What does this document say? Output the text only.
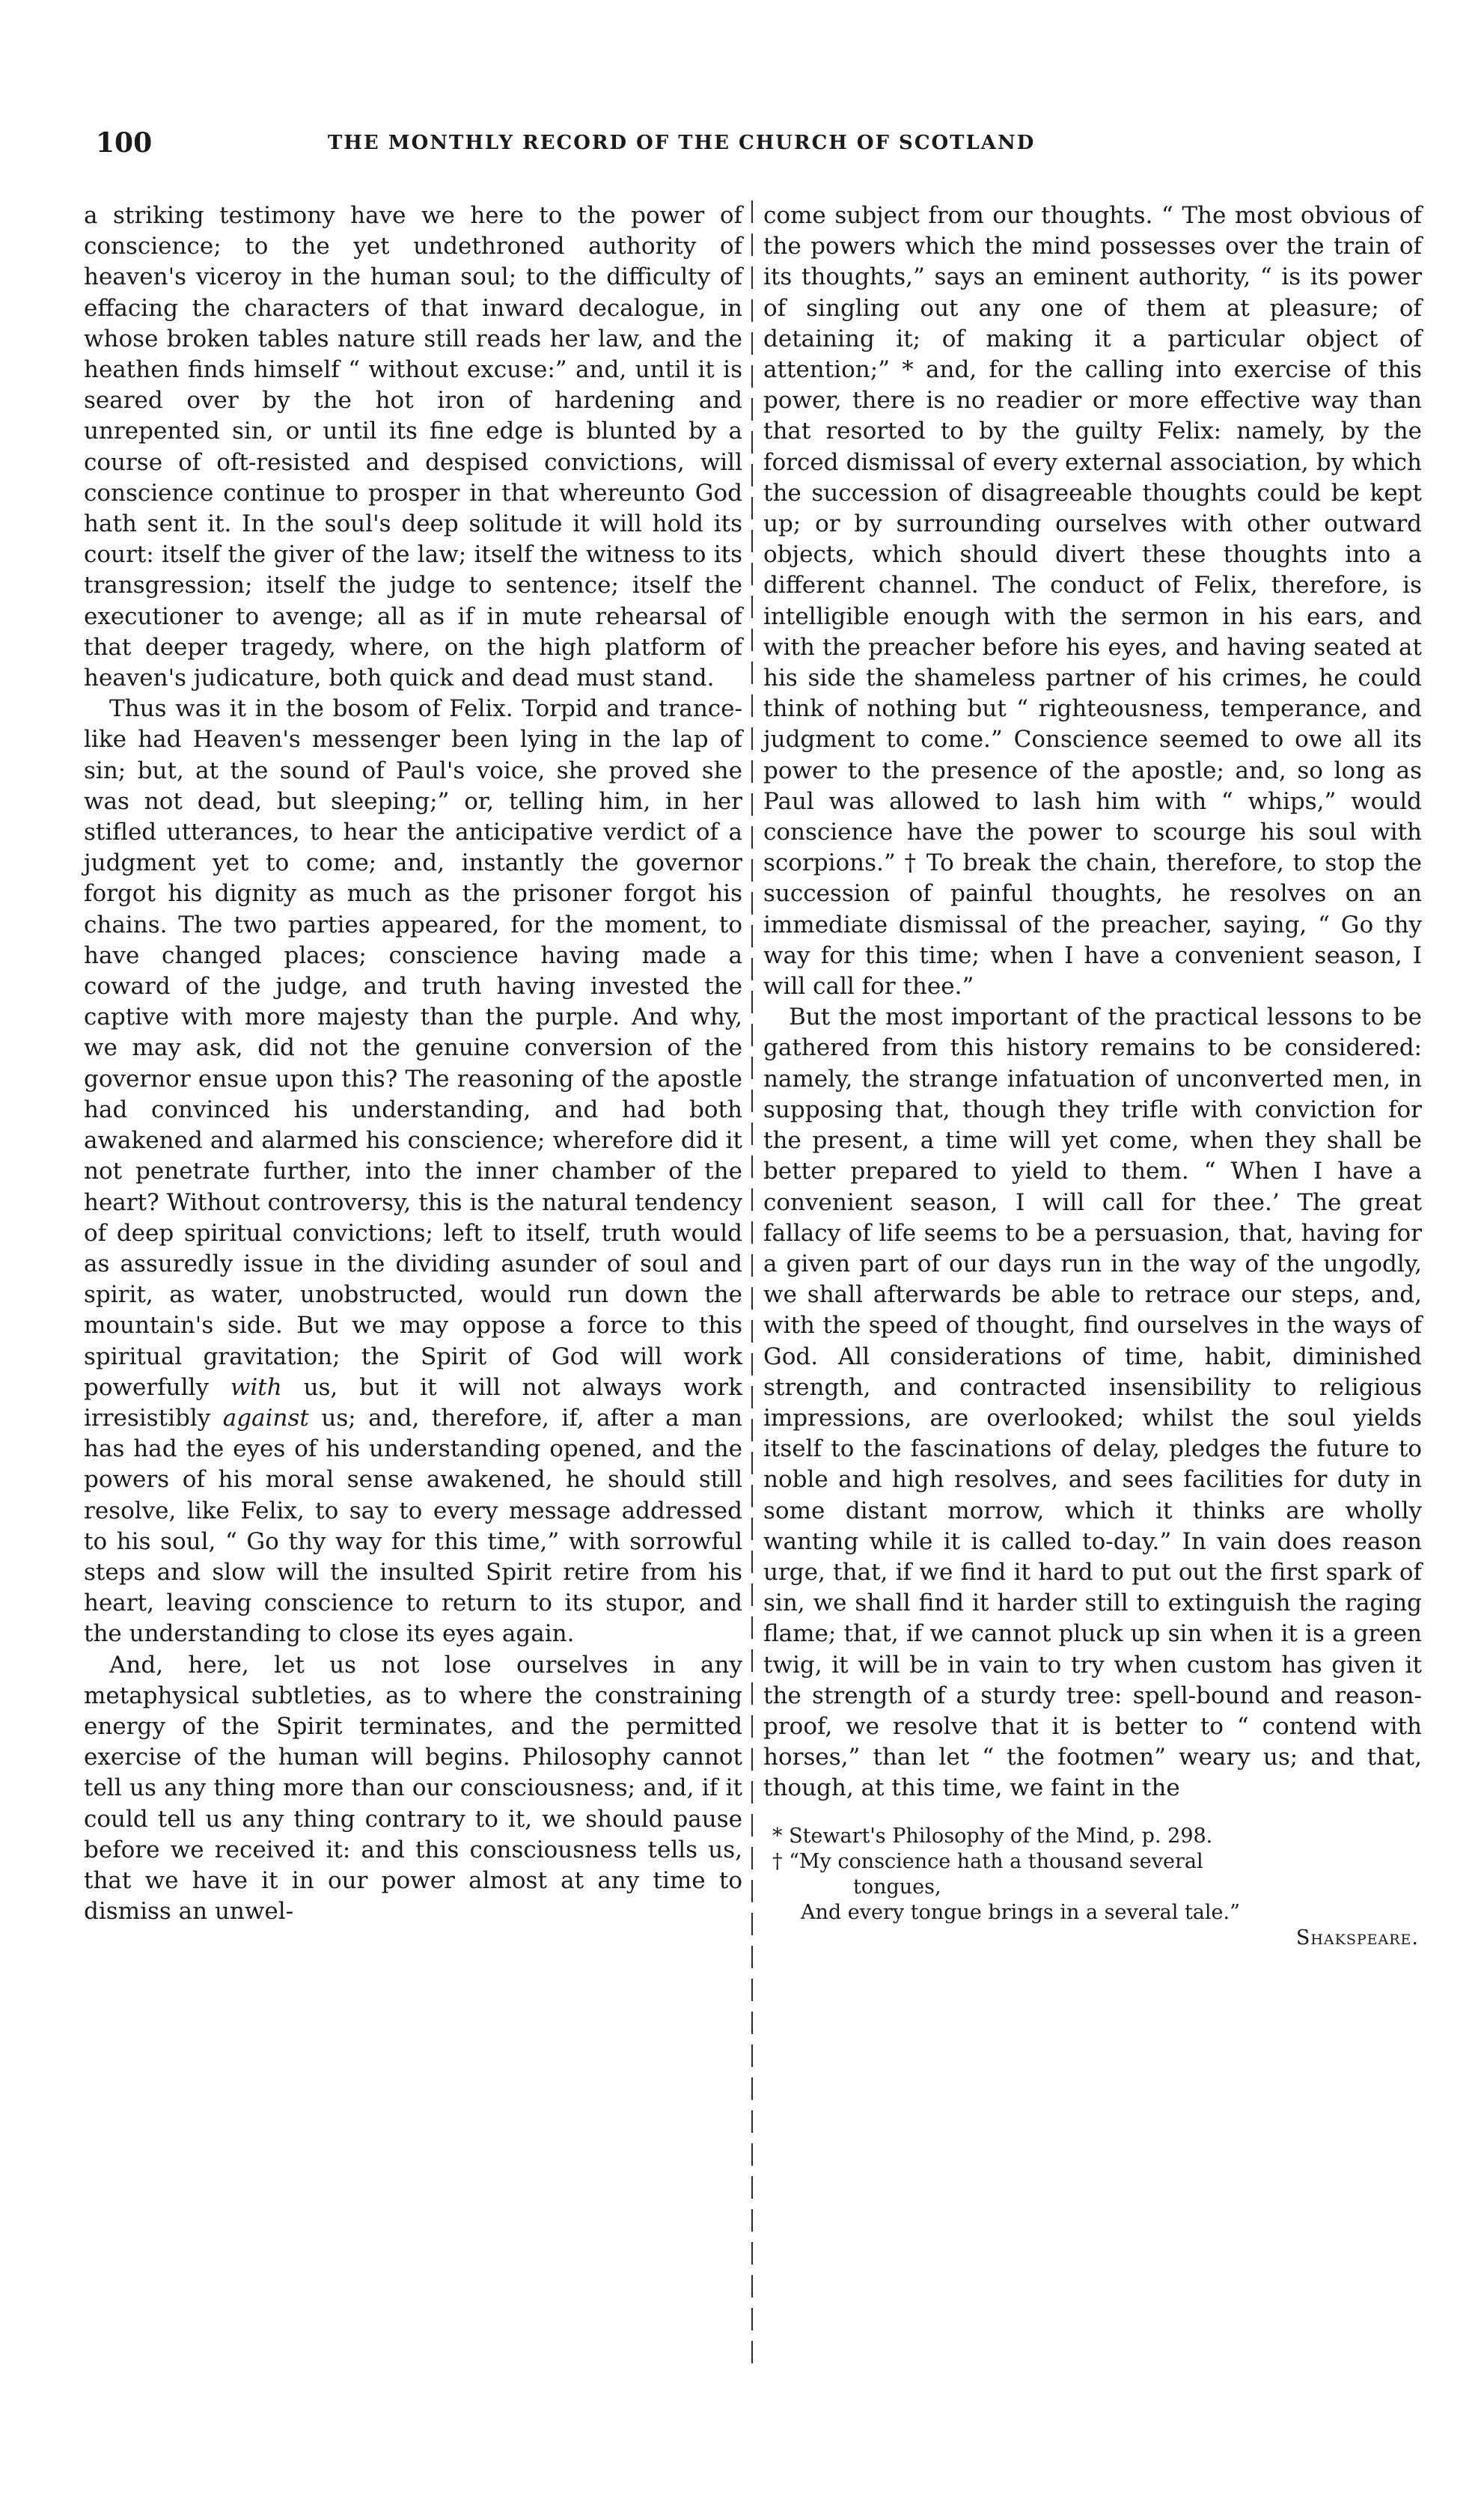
100	THE MONTHLY RECORD OF THE CHURCH OF SCOTLAND

a striking testimony have we here to the power of conscience; to the yet undethroned authority of heaven's viceroy in the human soul; to the difficulty of effacing the characters of that inward decalogue, in whose broken tables nature still reads her law, and the heathen finds himself “ without excuse:” and, until it is seared over by the hot iron of hardening and unrepented sin, or until its fine edge is blunted by a course of oft-resisted and despised convictions, will conscience continue to prosper in that whereunto God hath sent it. In the soul's deep solitude it will hold its court: itself the giver of the law; itself the witness to its transgression; itself the judge to sentence; itself the executioner to avenge; all as if in mute rehearsal of that deeper tragedy, where, on the high platform of heaven's judicature, both quick and dead must stand.

Thus was it in the bosom of Felix. Torpid and trance-like had Heaven's messenger been lying in the lap of sin; but, at the sound of Paul's voice, she proved she was not dead, but sleeping;” or, telling him, in her stifled utterances, to hear the anticipative verdict of a judgment yet to come; and, instantly the governor forgot his dignity as much as the prisoner forgot his chains. The two parties appeared, for the moment, to have changed places; conscience having made a coward of the judge, and truth having invested the captive with more majesty than the purple. And why, we may ask, did not the genuine conversion of the governor ensue upon this? The reasoning of the apostle had convinced his understanding, and had both awakened and alarmed his conscience; wherefore did it not penetrate further, into the inner chamber of the heart? Without controversy, this is the natural tendency of deep spiritual convictions; left to itself, truth would as assuredly issue in the dividing asunder of soul and spirit, as water, unobstructed, would run down the mountain's side. But we may oppose a force to this spiritual gravitation; the Spirit of God will work powerfully with us, but it will not always work irresistibly against us; and, therefore, if, after a man has had the eyes of his understanding opened, and the powers of his moral sense awakened, he should still resolve, like Felix, to say to every message addressed to his soul, “ Go thy way for this time,” with sorrowful steps and slow will the insulted Spirit retire from his heart, leaving conscience to return to its stupor, and the understanding to close its eyes again.

And, here, let us not lose ourselves in any metaphysical subtleties, as to where the constraining energy of the Spirit terminates, and the permitted exercise of the human will begins. Philosophy cannot tell us any thing more than our consciousness; and, if it could tell us any thing contrary to it, we should pause before we received it: and this consciousness tells us, that we have it in our power almost at any time to dismiss an unwel-

come subject from our thoughts. “ The most obvious of the powers which the mind possesses over the train of its thoughts,” says an eminent authority, “ is its power of singling out any one of them at pleasure; of detaining it; of making it a particular object of attention;” * and, for the calling into exercise of this power, there is no readier or more effective way than that resorted to by the guilty Felix: namely, by the forced dismissal of every external association, by which the succession of disagreeable thoughts could be kept up; or by surrounding ourselves with other outward objects, which should divert these thoughts into a different channel. The conduct of Felix, therefore, is intelligible enough with the sermon in his ears, and with the preacher before his eyes, and having seated at his side the shameless partner of his crimes, he could think of nothing but “ righteousness, temperance, and judgment to come.” Conscience seemed to owe all its power to the presence of the apostle; and, so long as Paul was allowed to lash him with “ whips,” would conscience have the power to scourge his soul with scorpions.” † To break the chain, therefore, to stop the succession of painful thoughts, he resolves on an immediate dismissal of the preacher, saying, “ Go thy way for this time; when I have a convenient season, I will call for thee.”

But the most important of the practical lessons to be gathered from this history remains to be considered: namely, the strange infatuation of unconverted men, in supposing that, though they trifle with conviction for the present, a time will yet come, when they shall be better prepared to yield to them. “ When I have a convenient season, I will call for thee.’ The great fallacy of life seems to be a persuasion, that, having for a given part of our days run in the way of the ungodly, we shall afterwards be able to retrace our steps, and, with the speed of thought, find ourselves in the ways of God. All considerations of time, habit, diminished strength, and contracted insensibility to religious impressions, are overlooked; whilst the soul yields itself to the fascinations of delay, pledges the future to noble and high resolves, and sees facilities for duty in some distant morrow, which it thinks are wholly wanting while it is called to-day.” In vain does reason urge, that, if we find it hard to put out the first spark of sin, we shall find it harder still to extinguish the raging flame; that, if we cannot pluck up sin when it is a green twig, it will be in vain to try when custom has given it the strength of a sturdy tree: spell-bound and reason-proof, we resolve that it is better to “ contend with horses,” than let “ the footmen” weary us; and that, though, at this time, we faint in the

* Stewart's Philosophy of the Mind, p. 298.
† “My conscience hath a thousand several
tongues,
And every tongue brings in a several tale.”
Shakspeare.
